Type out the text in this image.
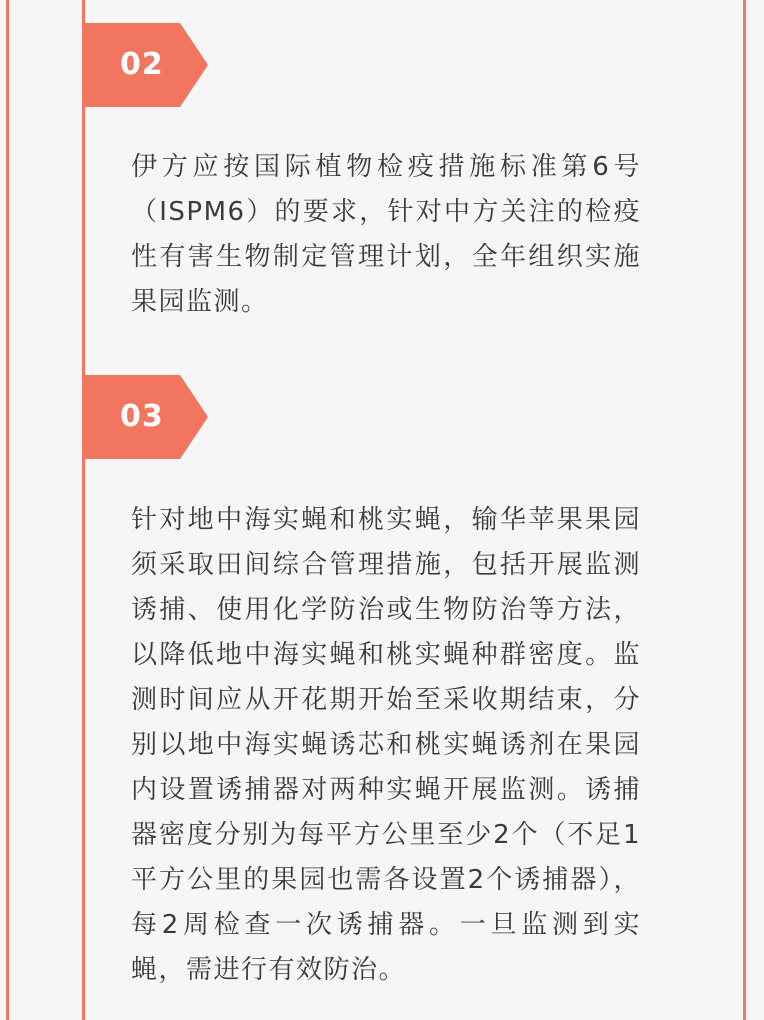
02

伊方应按国际植物检疫措施标准第6号（ISPM6）的要求，针对中方关注的检疫性有害生物制定管理计划，全年组织实施果园监测。

03

针对地中海实蝇和桃实蝇，输华苹果果园须采取田间综合管理措施，包括开展监测诱捕、使用化学防治或生物防治等方法，以降低地中海实蝇和桃实蝇种群密度。监测时间应从开花期开始至采收期结束，分别以地中海实蝇诱芯和桃实蝇诱剂在果园内设置诱捕器对两种实蝇开展监测。诱捕器密度分别为每平方公里至少2个（不足1平方公里的果园也需各设置2个诱捕器），每2周检查一次诱捕器。一旦监测到实蝇，需进行有效防治。
